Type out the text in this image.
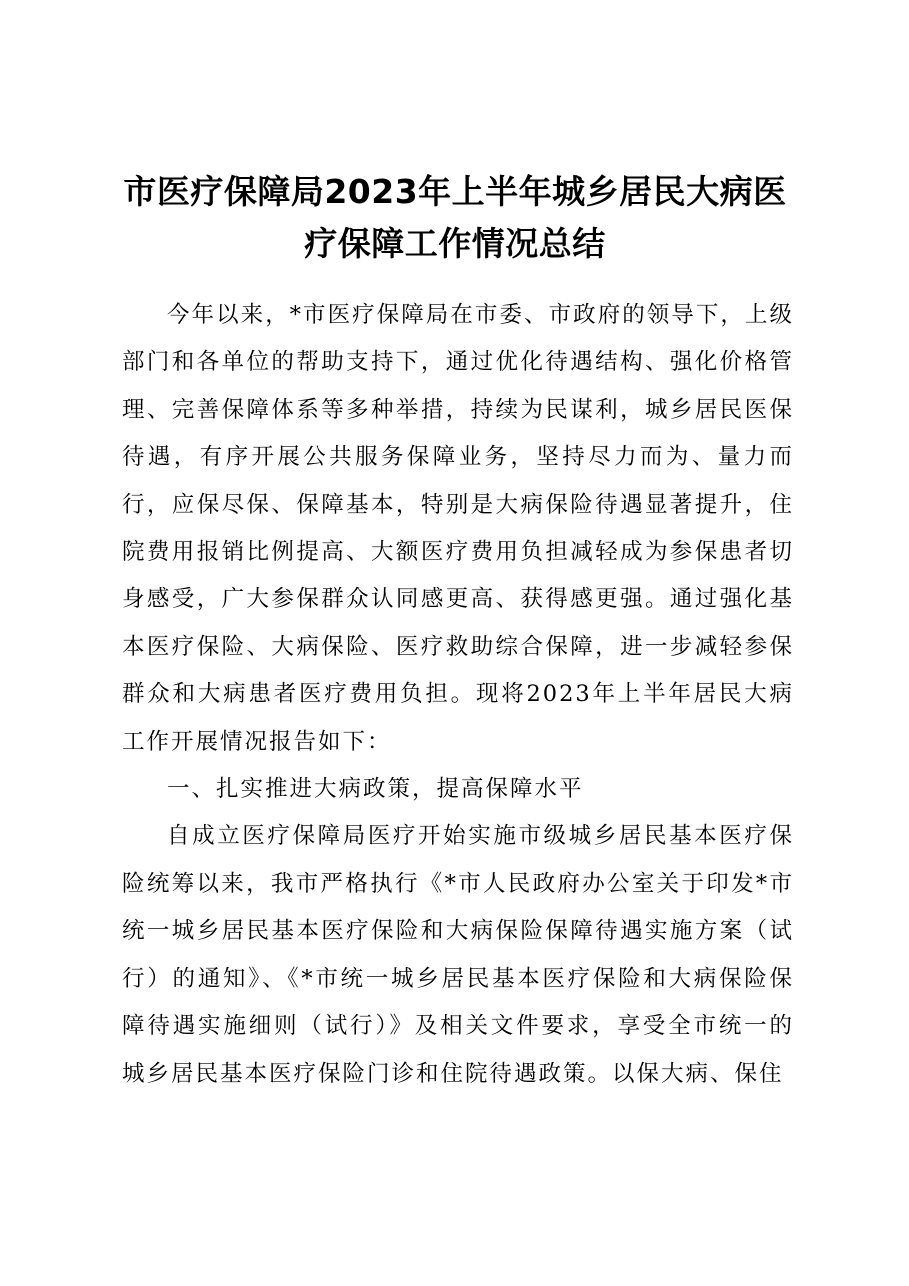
市医疗保障局2023年上半年城乡居民大病医疗保障工作情况总结

今年以来，*市医疗保障局在市委、市政府的领导下，上级部门和各单位的帮助支持下，通过优化待遇结构、强化价格管理、完善保障体系等多种举措，持续为民谋利，城乡居民医保待遇，有序开展公共服务保障业务，坚持尽力而为、量力而行，应保尽保、保障基本，特别是大病保险待遇显著提升，住院费用报销比例提高、大额医疗费用负担减轻成为参保患者切身感受，广大参保群众认同感更高、获得感更强。通过强化基本医疗保险、大病保险、医疗救助综合保障，进一步减轻参保群众和大病患者医疗费用负担。现将2023年上半年居民大病工作开展情况报告如下：

一、扎实推进大病政策，提高保障水平

自成立医疗保障局医疗开始实施市级城乡居民基本医疗保险统筹以来，我市严格执行《*市人民政府办公室关于印发*市统一城乡居民基本医疗保险和大病保险保障待遇实施方案（试行）的通知》、《*市统一城乡居民基本医疗保险和大病保险保障待遇实施细则（试行）》及相关文件要求，享受全市统一的城乡居民基本医疗保险门诊和住院待遇政策。以保大病、保住
